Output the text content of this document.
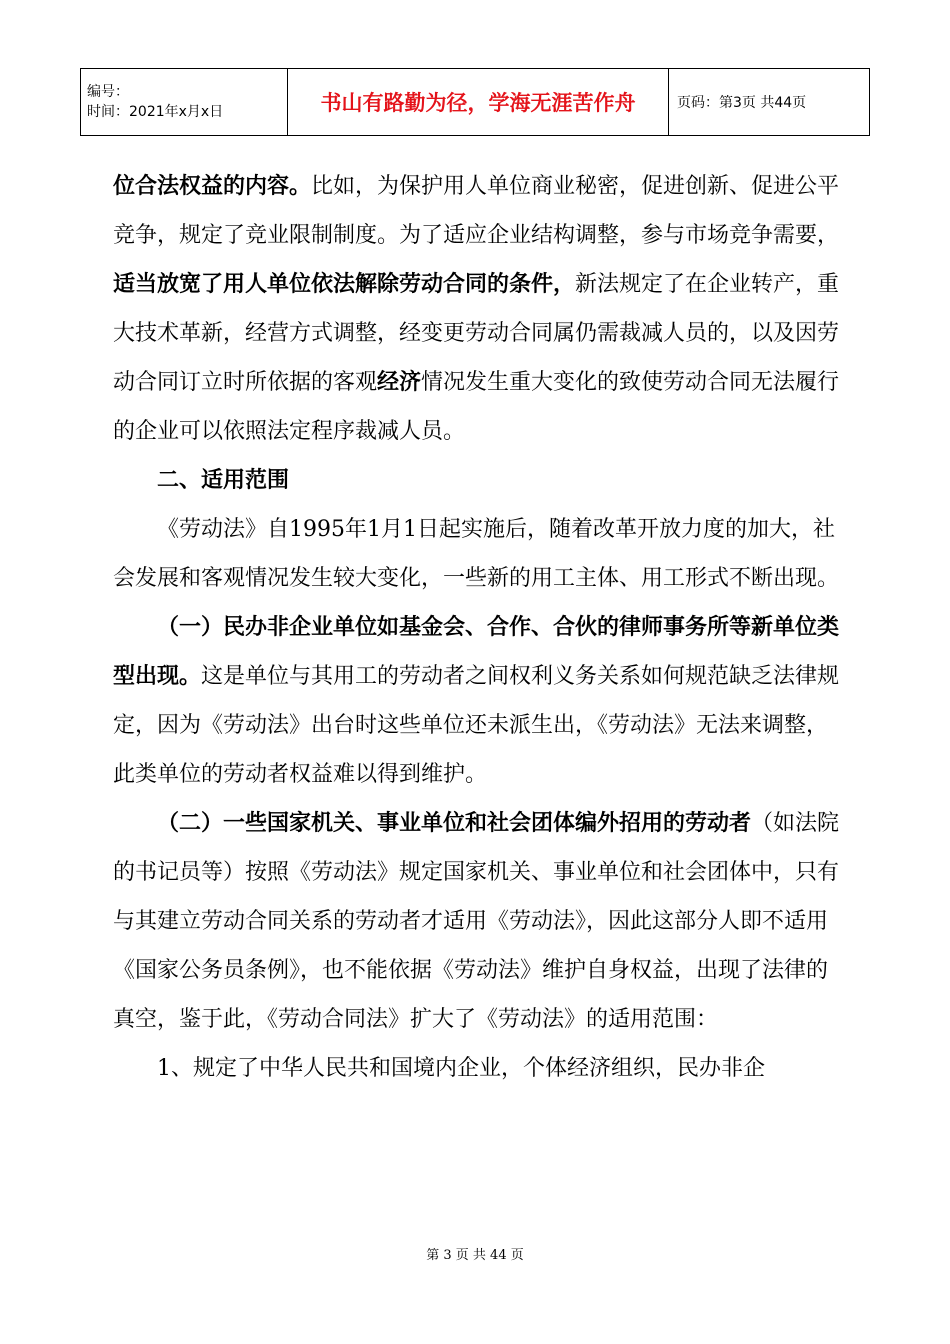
编号：
时间：2021年x月x日	书山有路勤为径，学海无涯苦作舟	页码：第3页 共44页

位合法权益的内容。比如，为保护用人单位商业秘密，促进创新、促进公平竞争，规定了竞业限制制度。为了适应企业结构调整，参与市场竞争需要，适当放宽了用人单位依法解除劳动合同的条件，新法规定了在企业转产，重大技术革新，经营方式调整，经变更劳动合同属仍需裁减人员的，以及因劳动合同订立时所依据的客观经济情况发生重大变化的致使劳动合同无法履行的企业可以依照法定程序裁减人员。

二、适用范围

《劳动法》自1995年1月1日起实施后，随着改革开放力度的加大，社会发展和客观情况发生较大变化，一些新的用工主体、用工形式不断出现。

（一）民办非企业单位如基金会、合作、合伙的律师事务所等新单位类型出现。这是单位与其用工的劳动者之间权利义务关系如何规范缺乏法律规定，因为《劳动法》出台时这些单位还未派生出，《劳动法》无法来调整，此类单位的劳动者权益难以得到维护。

（二）一些国家机关、事业单位和社会团体编外招用的劳动者（如法院的书记员等）按照《劳动法》规定国家机关、事业单位和社会团体中，只有与其建立劳动合同关系的劳动者才适用《劳动法》，因此这部分人即不适用《国家公务员条例》，也不能依据《劳动法》维护自身权益，出现了法律的真空，鉴于此，《劳动合同法》扩大了《劳动法》的适用范围：

1、规定了中华人民共和国境内企业，个体经济组织，民办非企

第 3 页 共 44 页
